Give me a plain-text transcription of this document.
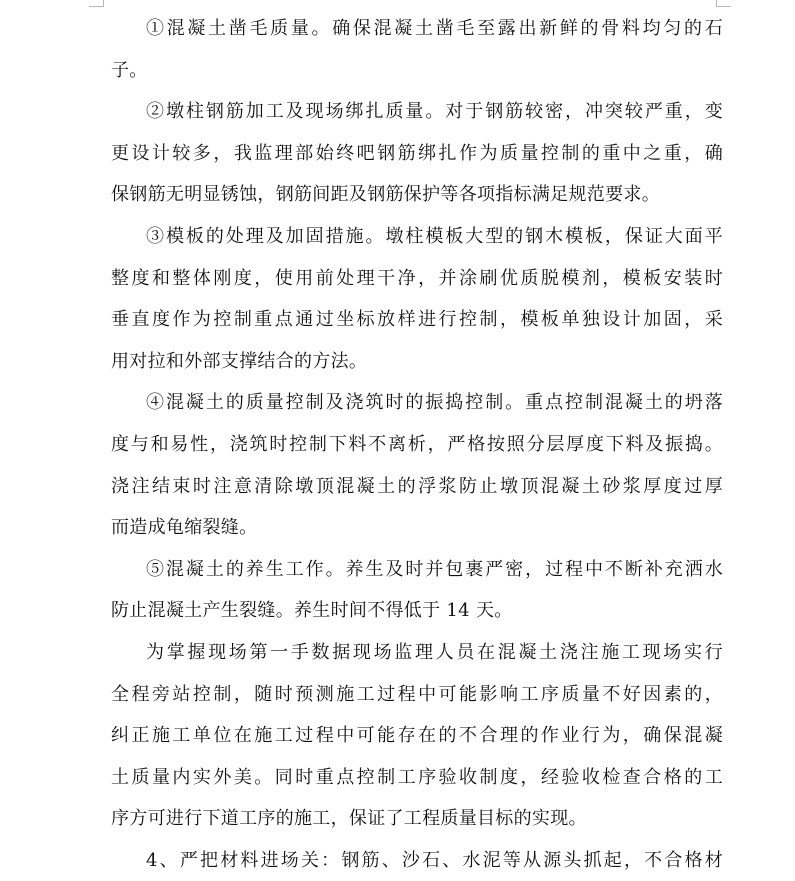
①混凝土凿毛质量。确保混凝土凿毛至露出新鲜的骨料均匀的石
子。
②墩柱钢筋加工及现场绑扎质量。对于钢筋较密，冲突较严重，变
更设计较多，我监理部始终吧钢筋绑扎作为质量控制的重中之重，确
保钢筋无明显锈蚀，钢筋间距及钢筋保护等各项指标满足规范要求。
③模板的处理及加固措施。墩柱模板大型的钢木模板，保证大面平
整度和整体刚度，使用前处理干净，并涂刷优质脱模剂，模板安装时
垂直度作为控制重点通过坐标放样进行控制，模板单独设计加固，采
用对拉和外部支撑结合的方法。
④混凝土的质量控制及浇筑时的振捣控制。重点控制混凝土的坍落
度与和易性，浇筑时控制下料不离析，严格按照分层厚度下料及振捣。
浇注结束时注意清除墩顶混凝土的浮浆防止墩顶混凝土砂浆厚度过厚
而造成龟缩裂缝。
⑤混凝土的养生工作。养生及时并包裹严密，过程中不断补充洒水
防止混凝土产生裂缝。养生时间不得低于 14 天。
为掌握现场第一手数据现场监理人员在混凝土浇注施工现场实行
全程旁站控制，随时预测施工过程中可能影响工序质量不好因素的，
纠正施工单位在施工过程中可能存在的不合理的作业行为，确保混凝
土质量内实外美。同时重点控制工序验收制度，经验收检查合格的工
序方可进行下道工序的施工，保证了工程质量目标的实现。
4、严把材料进场关：钢筋、沙石、水泥等从源头抓起，不合格材
